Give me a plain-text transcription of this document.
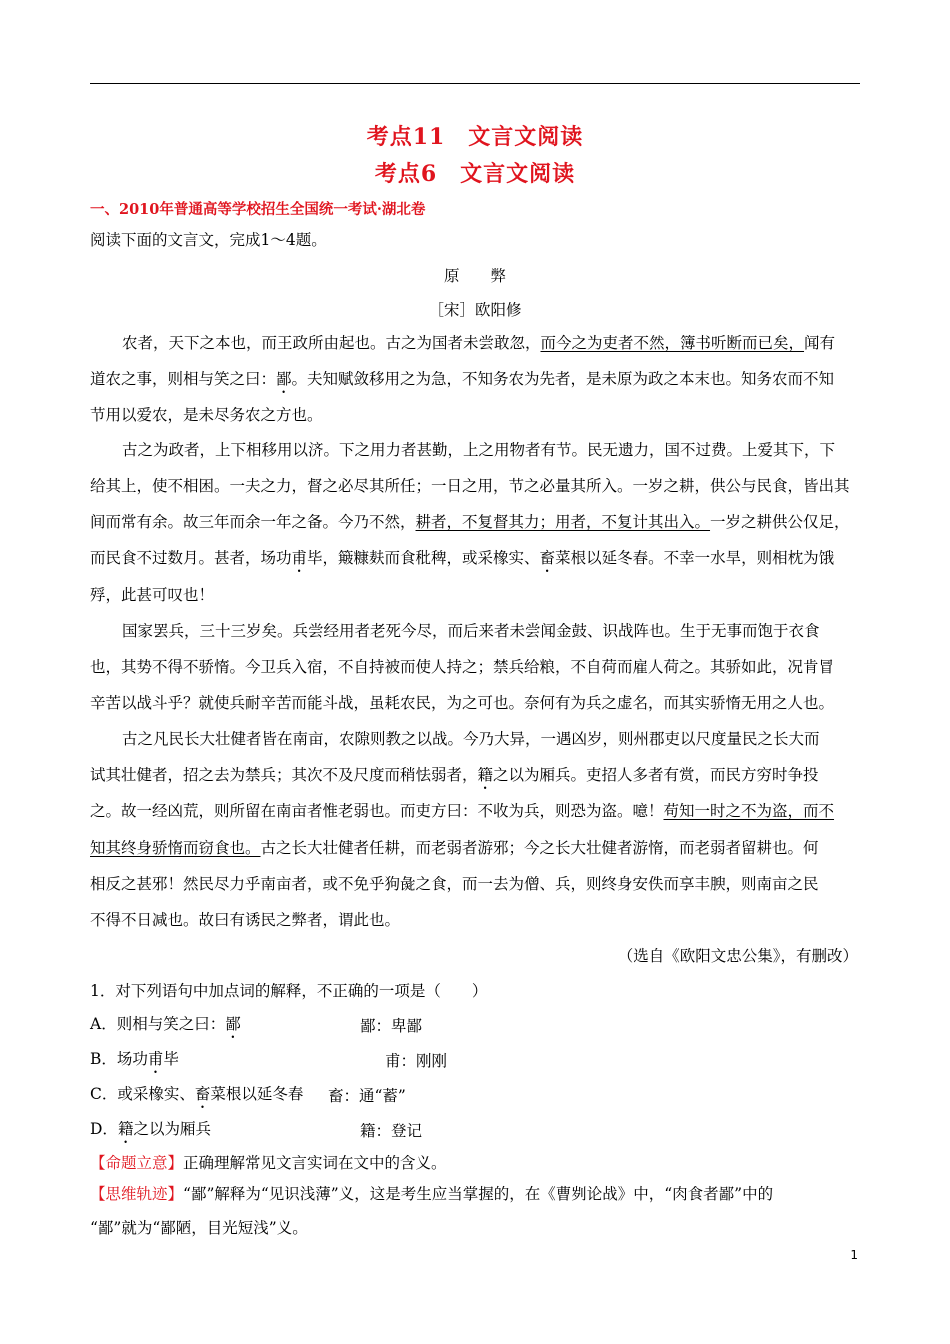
考点11　文言文阅读
考点6　文言文阅读
一、2010年普通高等学校招生全国统一考试·湖北卷
阅读下面的文言文，完成1～4题。
原　　弊
［宋］欧阳修
农者，天下之本也，而王政所由起也。古之为国者未尝敢忽，而今之为吏者不然，簿书听断而已矣，闻有
道农之事，则相与笑之曰：鄙。夫知赋敛移用之为急，不知务农为先者，是未原为政之本末也。知务农而不知
节用以爱农，是未尽务农之方也。
古之为政者，上下相移用以济。下之用力者甚勤，上之用物者有节。民无遗力，国不过费。上爱其下，下
给其上，使不相困。一夫之力，督之必尽其所任；一日之用，节之必量其所入。一岁之耕，供公与民食，皆出其
间而常有余。故三年而余一年之备。今乃不然，耕者，不复督其力；用者，不复计其出入。一岁之耕供公仅足，
而民食不过数月。甚者，场功甫毕，簸糠麸而食秕稗，或采橡实、畜菜根以延冬春。不幸一水旱，则相枕为饿
殍，此甚可叹也！
国家罢兵，三十三岁矣。兵尝经用者老死今尽，而后来者未尝闻金鼓、识战阵也。生于无事而饱于衣食
也，其势不得不骄惰。今卫兵入宿，不自持被而使人持之；禁兵给粮，不自荷而雇人荷之。其骄如此，况肯冒
辛苦以战斗乎？就使兵耐辛苦而能斗战，虽耗农民，为之可也。奈何有为兵之虚名，而其实骄惰无用之人也。
古之凡民长大壮健者皆在南亩，农隙则教之以战。今乃大异，一遇凶岁，则州郡吏以尺度量民之长大而
试其壮健者，招之去为禁兵；其次不及尺度而稍怯弱者，籍之以为厢兵。吏招人多者有赏，而民方穷时争投
之。故一经凶荒，则所留在南亩者惟老弱也。而吏方曰：不收为兵，则恐为盗。噫！苟知一时之不为盗，而不
知其终身骄惰而窃食也。古之长大壮健者任耕，而老弱者游邪；今之长大壮健者游惰，而老弱者留耕也。何
相反之甚邪！然民尽力乎南亩者，或不免乎狗彘之食，而一去为僧、兵，则终身安佚而享丰腴，则南亩之民
不得不日减也。故曰有诱民之弊者，谓此也。
（选自《欧阳文忠公集》，有删改）
1．对下列语句中加点词的解释，不正确的一项是（　　）
A．则相与笑之曰：鄙	鄙：卑鄙
B．场功甫毕	甫：刚刚
C．或采橡实、畜菜根以延冬春 畜：通“蓄”
D．籍之以为厢兵	籍：登记
【命题立意】正确理解常见文言实词在文中的含义。
【思维轨迹】“鄙”解释为“见识浅薄”义，这是考生应当掌握的，在《曹刿论战》中，“肉食者鄙”中的
“鄙”就为“鄙陋，目光短浅”义。
1
